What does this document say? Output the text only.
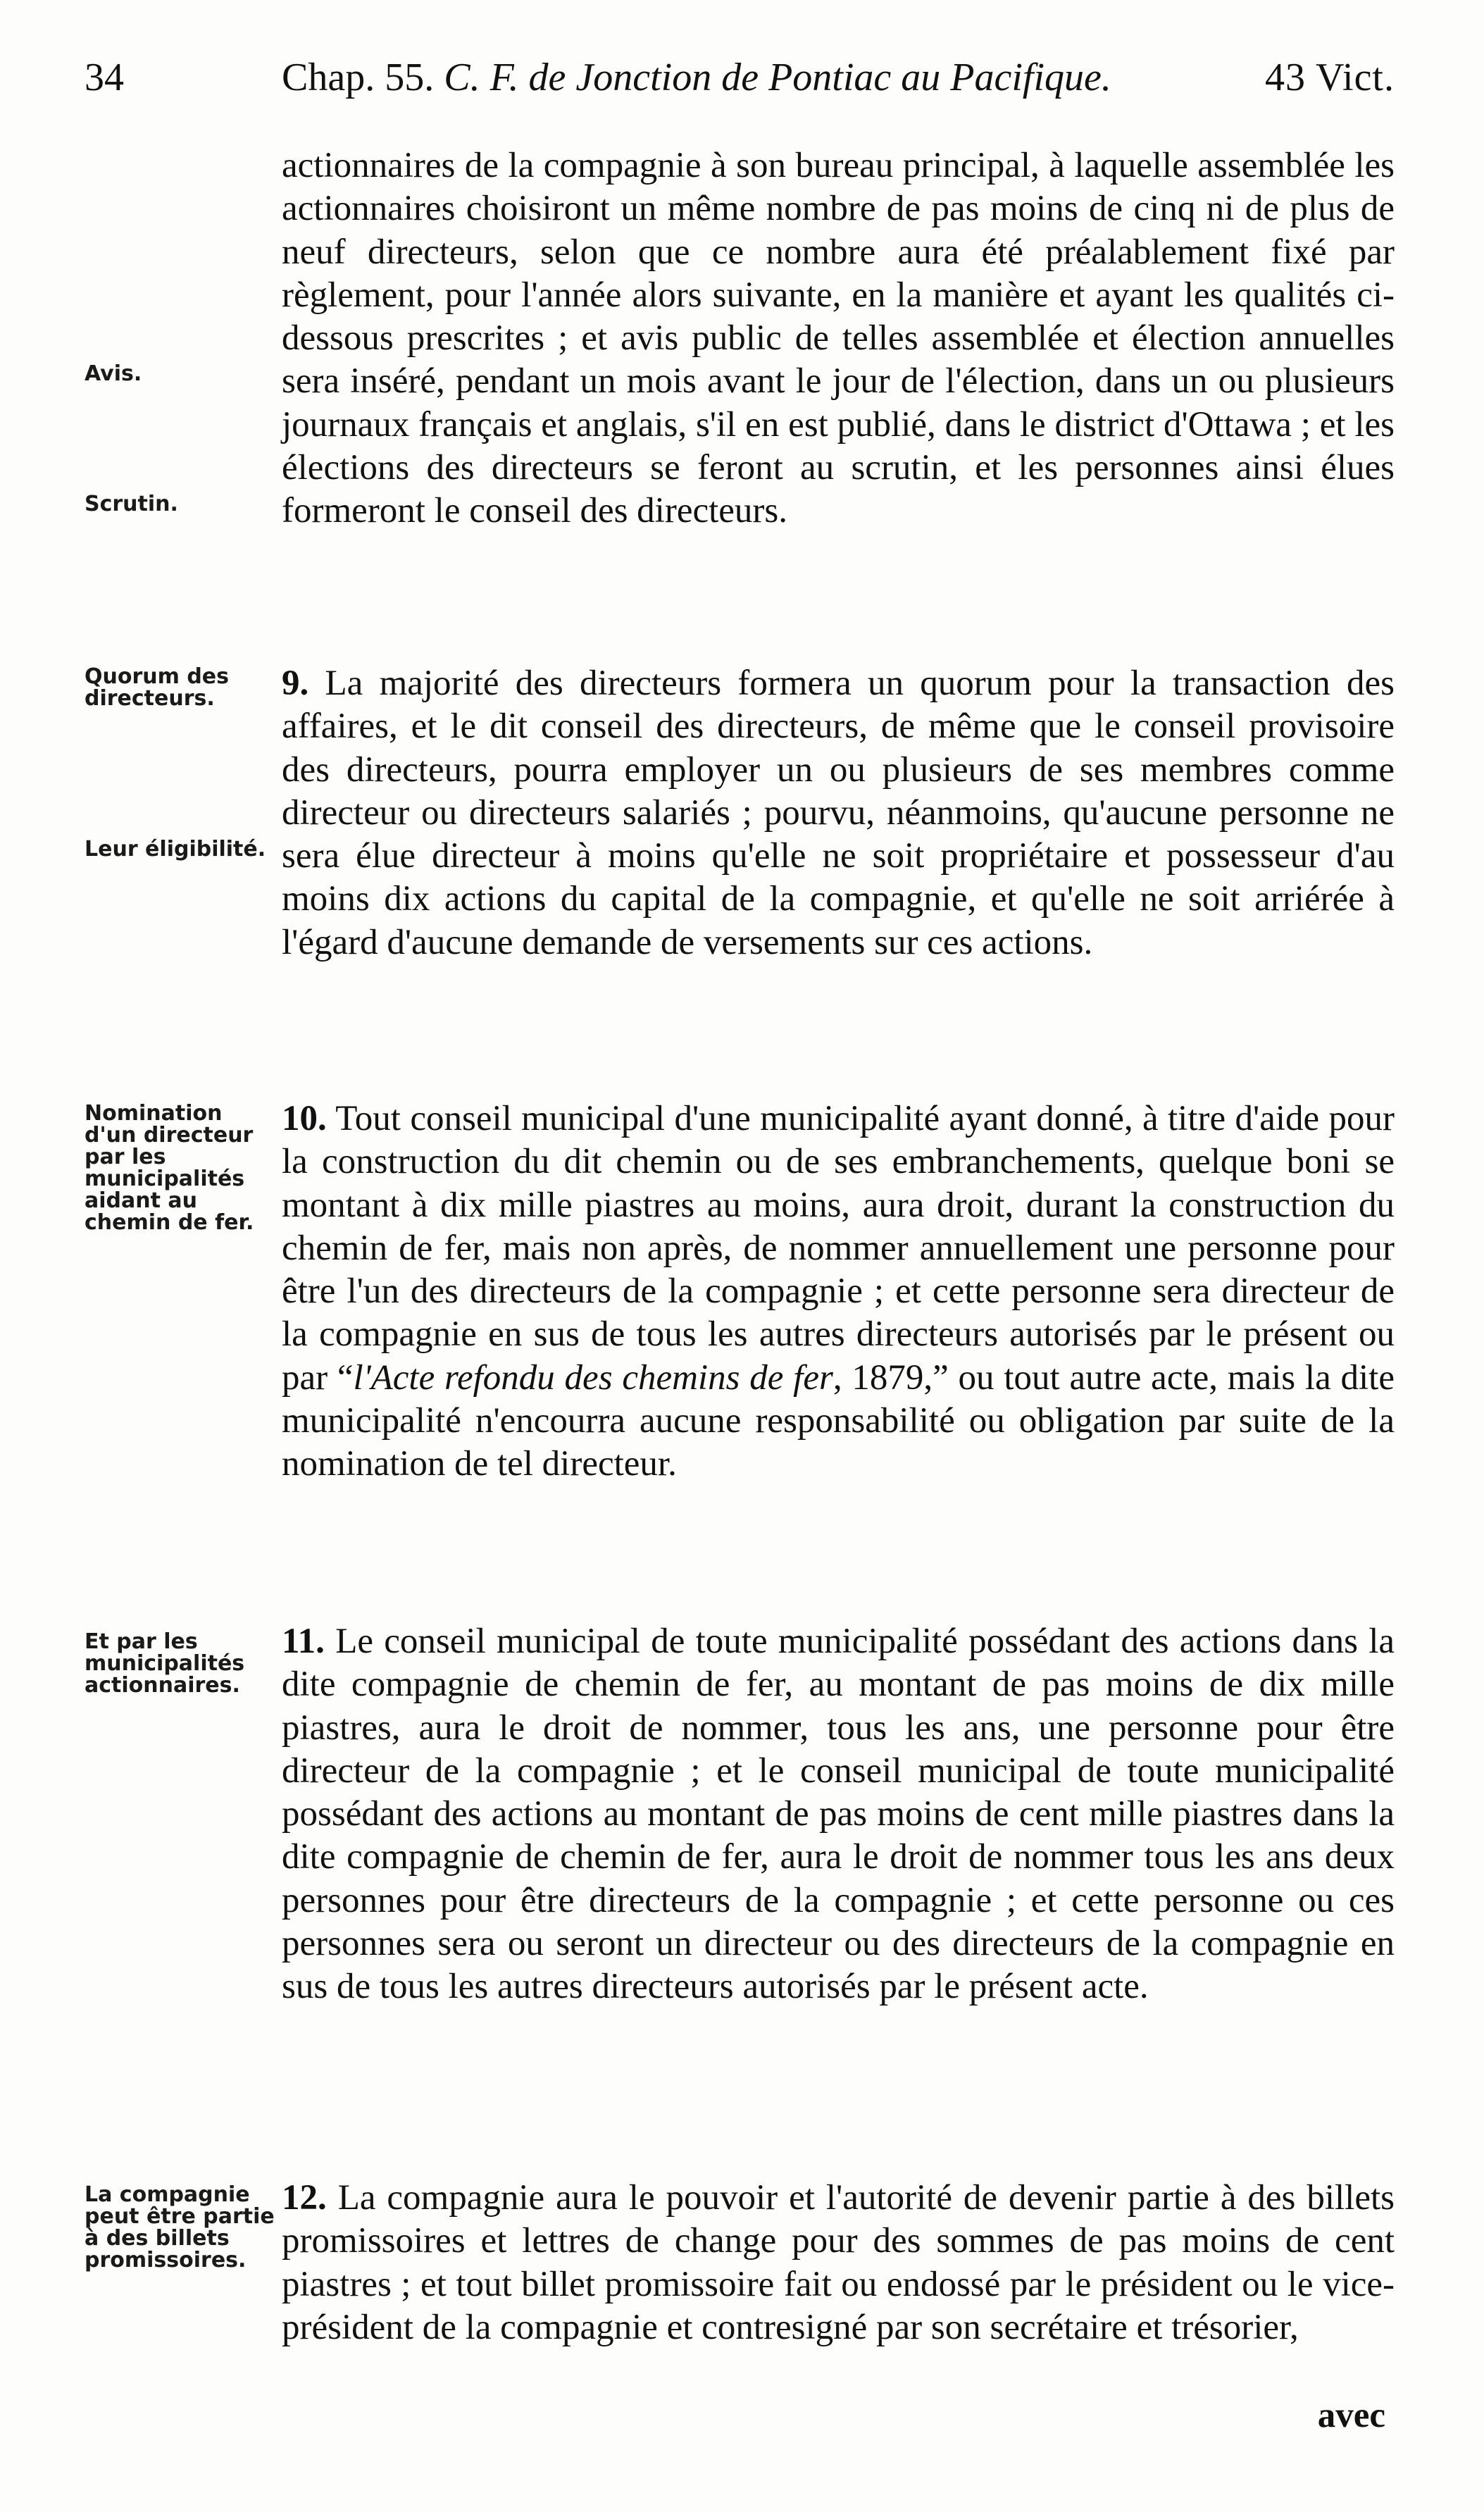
34	Chap. 55. C. F. de Jonction de Pontiac au Pacifique.	43 Vict.
Avis.
Scrutin.
Quorum des directeurs.
Leur éligibilité.
Nomination d'un directeur par les municipalités aidant au chemin de fer.
Et par les municipalités actionnaires.
La compagnie peut être partie à des billets promissoires.

actionnaires de la compagnie à son bureau principal, à laquelle assemblée les actionnaires choisiront un même nombre de pas moins de cinq ni de plus de neuf directeurs, selon que ce nombre aura été préalablement fixé par règlement, pour l'année alors suivante, en la manière et ayant les qualités ci-dessous prescrites ; et avis public de telles assemblée et élection annuelles sera inséré, pendant un mois avant le jour de l'élection, dans un ou plusieurs journaux français et anglais, s'il en est publié, dans le district d'Ottawa ; et les élections des directeurs se feront au scrutin, et les personnes ainsi élues formeront le conseil des directeurs.

9. La majorité des directeurs formera un quorum pour la transaction des affaires, et le dit conseil des directeurs, de même que le conseil provisoire des directeurs, pourra employer un ou plusieurs de ses membres comme directeur ou directeurs salariés ; pourvu, néanmoins, qu'aucune personne ne sera élue directeur à moins qu'elle ne soit propriétaire et possesseur d'au moins dix actions du capital de la compagnie, et qu'elle ne soit arriérée à l'égard d'aucune demande de versements sur ces actions.

10. Tout conseil municipal d'une municipalité ayant donné, à titre d'aide pour la construction du dit chemin ou de ses embranchements, quelque boni se montant à dix mille piastres au moins, aura droit, durant la construction du chemin de fer, mais non après, de nommer annuellement une personne pour être l'un des directeurs de la compagnie ; et cette personne sera directeur de la compagnie en sus de tous les autres directeurs autorisés par le présent ou par “l'Acte refondu des chemins de fer, 1879,” ou tout autre acte, mais la dite municipalité n'encourra aucune responsabilité ou obligation par suite de la nomination de tel directeur.

11. Le conseil municipal de toute municipalité possédant des actions dans la dite compagnie de chemin de fer, au montant de pas moins de dix mille piastres, aura le droit de nommer, tous les ans, une personne pour être directeur de la compagnie ; et le conseil municipal de toute municipalité possédant des actions au montant de pas moins de cent mille piastres dans la dite compagnie de chemin de fer, aura le droit de nommer tous les ans deux personnes pour être directeurs de la compagnie ; et cette personne ou ces personnes sera ou seront un directeur ou des directeurs de la compagnie en sus de tous les autres directeurs autorisés par le présent acte.

12. La compagnie aura le pouvoir et l'autorité de devenir partie à des billets promissoires et lettres de change pour des sommes de pas moins de cent piastres ; et tout billet promissoire fait ou endossé par le président ou le vice-président de la compagnie et contresigné par son secrétaire et trésorier,

avec
